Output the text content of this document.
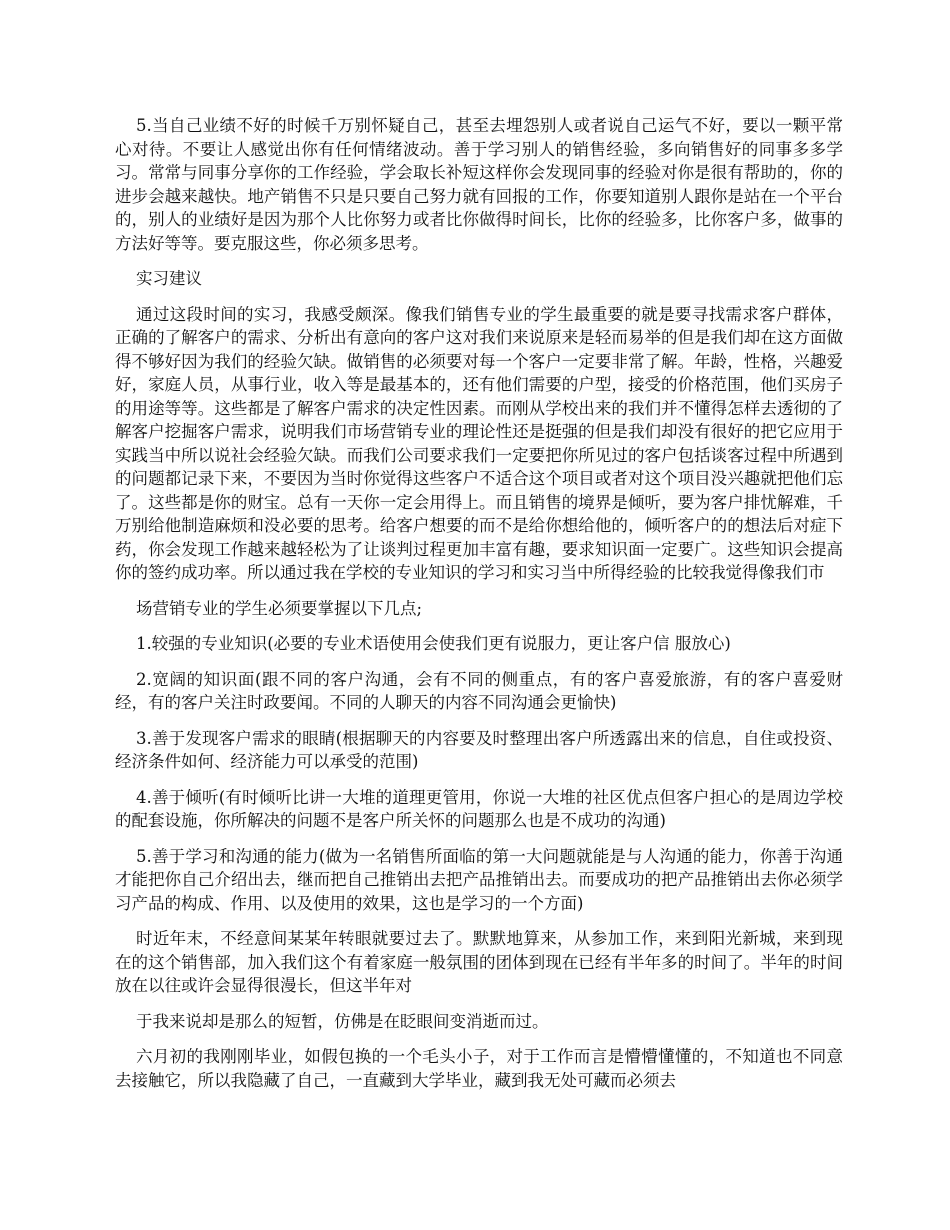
5.当自己业绩不好的时候千万别怀疑自己，甚至去埋怨别人或者说自己运气不好，要以一颗平常心对待。不要让人感觉出你有任何情绪波动。善于学习别人的销售经验，多向销售好的同事多多学习。常常与同事分享你的工作经验，学会取长补短这样你会发现同事的经验对你是很有帮助的，你的进步会越来越快。地产销售不只是只要自己努力就有回报的工作，你要知道别人跟你是站在一个平台的，别人的业绩好是因为那个人比你努力或者比你做得时间长，比你的经验多，比你客户多，做事的方法好等等。要克服这些，你必须多思考。

实习建议

通过这段时间的实习，我感受颇深。像我们销售专业的学生最重要的就是要寻找需求客户群体，正确的了解客户的需求、分析出有意向的客户这对我们来说原来是轻而易举的但是我们却在这方面做得不够好因为我们的经验欠缺。做销售的必须要对每一个客户一定要非常了解。年龄，性格，兴趣爱好，家庭人员，从事行业，收入等是最基本的，还有他们需要的户型，接受的价格范围，他们买房子的用途等等。这些都是了解客户需求的决定性因素。而刚从学校出来的我们并不懂得怎样去透彻的了解客户挖掘客户需求，说明我们市场营销专业的理论性还是挺强的但是我们却没有很好的把它应用于实践当中所以说社会经验欠缺。而我们公司要求我们一定要把你所见过的客户包括谈客过程中所遇到的问题都记录下来，不要因为当时你觉得这些客户不适合这个项目或者对这个项目没兴趣就把他们忘了。这些都是你的财宝。总有一天你一定会用得上。而且销售的境界是倾听，要为客户排忧解难，千万别给他制造麻烦和没必要的思考。给客户想要的而不是给你想给他的，倾听客户的的想法后对症下药，你会发现工作越来越轻松为了让谈判过程更加丰富有趣，要求知识面一定要广。这些知识会提高你的签约成功率。所以通过我在学校的专业知识的学习和实习当中所得经验的比较我觉得像我们市

场营销专业的学生必须要掌握以下几点;

1.较强的专业知识(必要的专业术语使用会使我们更有说服力，更让客户信 服放心)

2.宽阔的知识面(跟不同的客户沟通，会有不同的侧重点，有的客户喜爱旅游，有的客户喜爱财经，有的客户关注时政要闻。不同的人聊天的内容不同沟通会更愉快)

3.善于发现客户需求的眼睛(根据聊天的内容要及时整理出客户所透露出来的信息，自住或投资、经济条件如何、经济能力可以承受的范围)

4.善于倾听(有时倾听比讲一大堆的道理更管用，你说一大堆的社区优点但客户担心的是周边学校的配套设施，你所解决的问题不是客户所关怀的问题那么也是不成功的沟通)

5.善于学习和沟通的能力(做为一名销售所面临的第一大问题就能是与人沟通的能力，你善于沟通才能把你自己介绍出去，继而把自己推销出去把产品推销出去。而要成功的把产品推销出去你必须学习产品的构成、作用、以及使用的效果，这也是学习的一个方面)

时近年末，不经意间某某年转眼就要过去了。默默地算来，从参加工作，来到阳光新城，来到现在的这个销售部，加入我们这个有着家庭一般氛围的团体到现在已经有半年多的时间了。半年的时间放在以往或许会显得很漫长，但这半年对

于我来说却是那么的短暂，仿佛是在眨眼间变消逝而过。

六月初的我刚刚毕业，如假包换的一个毛头小子，对于工作而言是懵懵懂懂的，不知道也不同意去接触它，所以我隐藏了自己，一直藏到大学毕业，藏到我无处可藏而必须去
